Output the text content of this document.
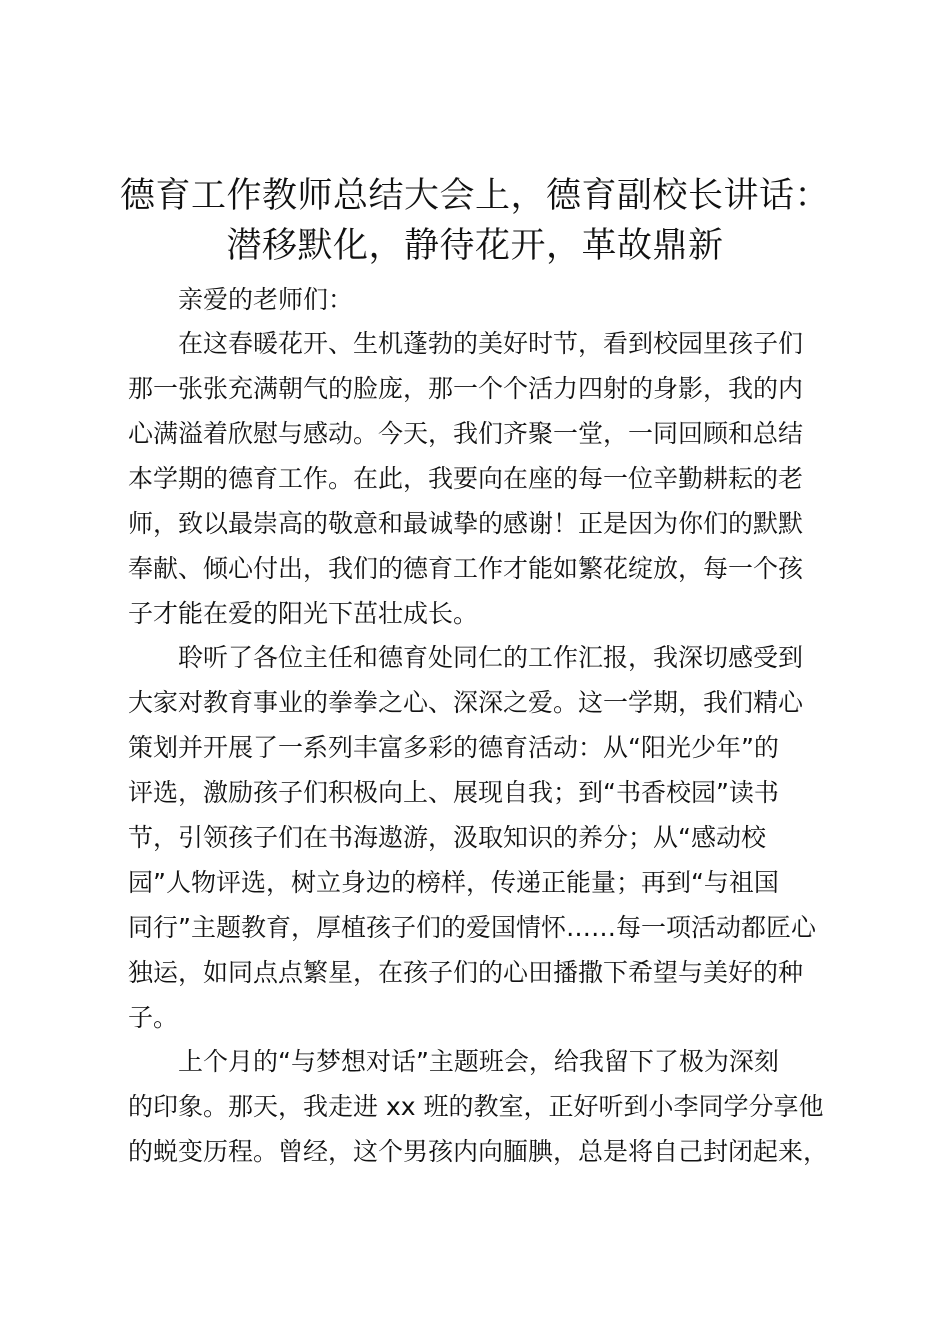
德育工作教师总结大会上，德育副校长讲话：
潜移默化，静待花开，革故鼎新
亲爱的老师们：
在这春暖花开、生机蓬勃的美好时节，看到校园里孩子们
那一张张充满朝气的脸庞，那一个个活力四射的身影，我的内
心满溢着欣慰与感动。今天，我们齐聚一堂，一同回顾和总结
本学期的德育工作。在此，我要向在座的每一位辛勤耕耘的老
师，致以最崇高的敬意和最诚挚的感谢！正是因为你们的默默
奉献、倾心付出，我们的德育工作才能如繁花绽放，每一个孩
子才能在爱的阳光下茁壮成长。
聆听了各位主任和德育处同仁的工作汇报，我深切感受到
大家对教育事业的拳拳之心、深深之爱。这一学期，我们精心
策划并开展了一系列丰富多彩的德育活动：从“阳光少年”的
评选，激励孩子们积极向上、展现自我；到“书香校园”读书
节，引领孩子们在书海遨游，汲取知识的养分；从“感动校
园”人物评选，树立身边的榜样，传递正能量；再到“与祖国
同行”主题教育，厚植孩子们的爱国情怀……每一项活动都匠心
独运，如同点点繁星，在孩子们的心田播撒下希望与美好的种
子。
上个月的“与梦想对话”主题班会，给我留下了极为深刻
的印象。那天，我走进 xx 班的教室，正好听到小李同学分享他
的蜕变历程。曾经，这个男孩内向腼腆，总是将自己封闭起来，
